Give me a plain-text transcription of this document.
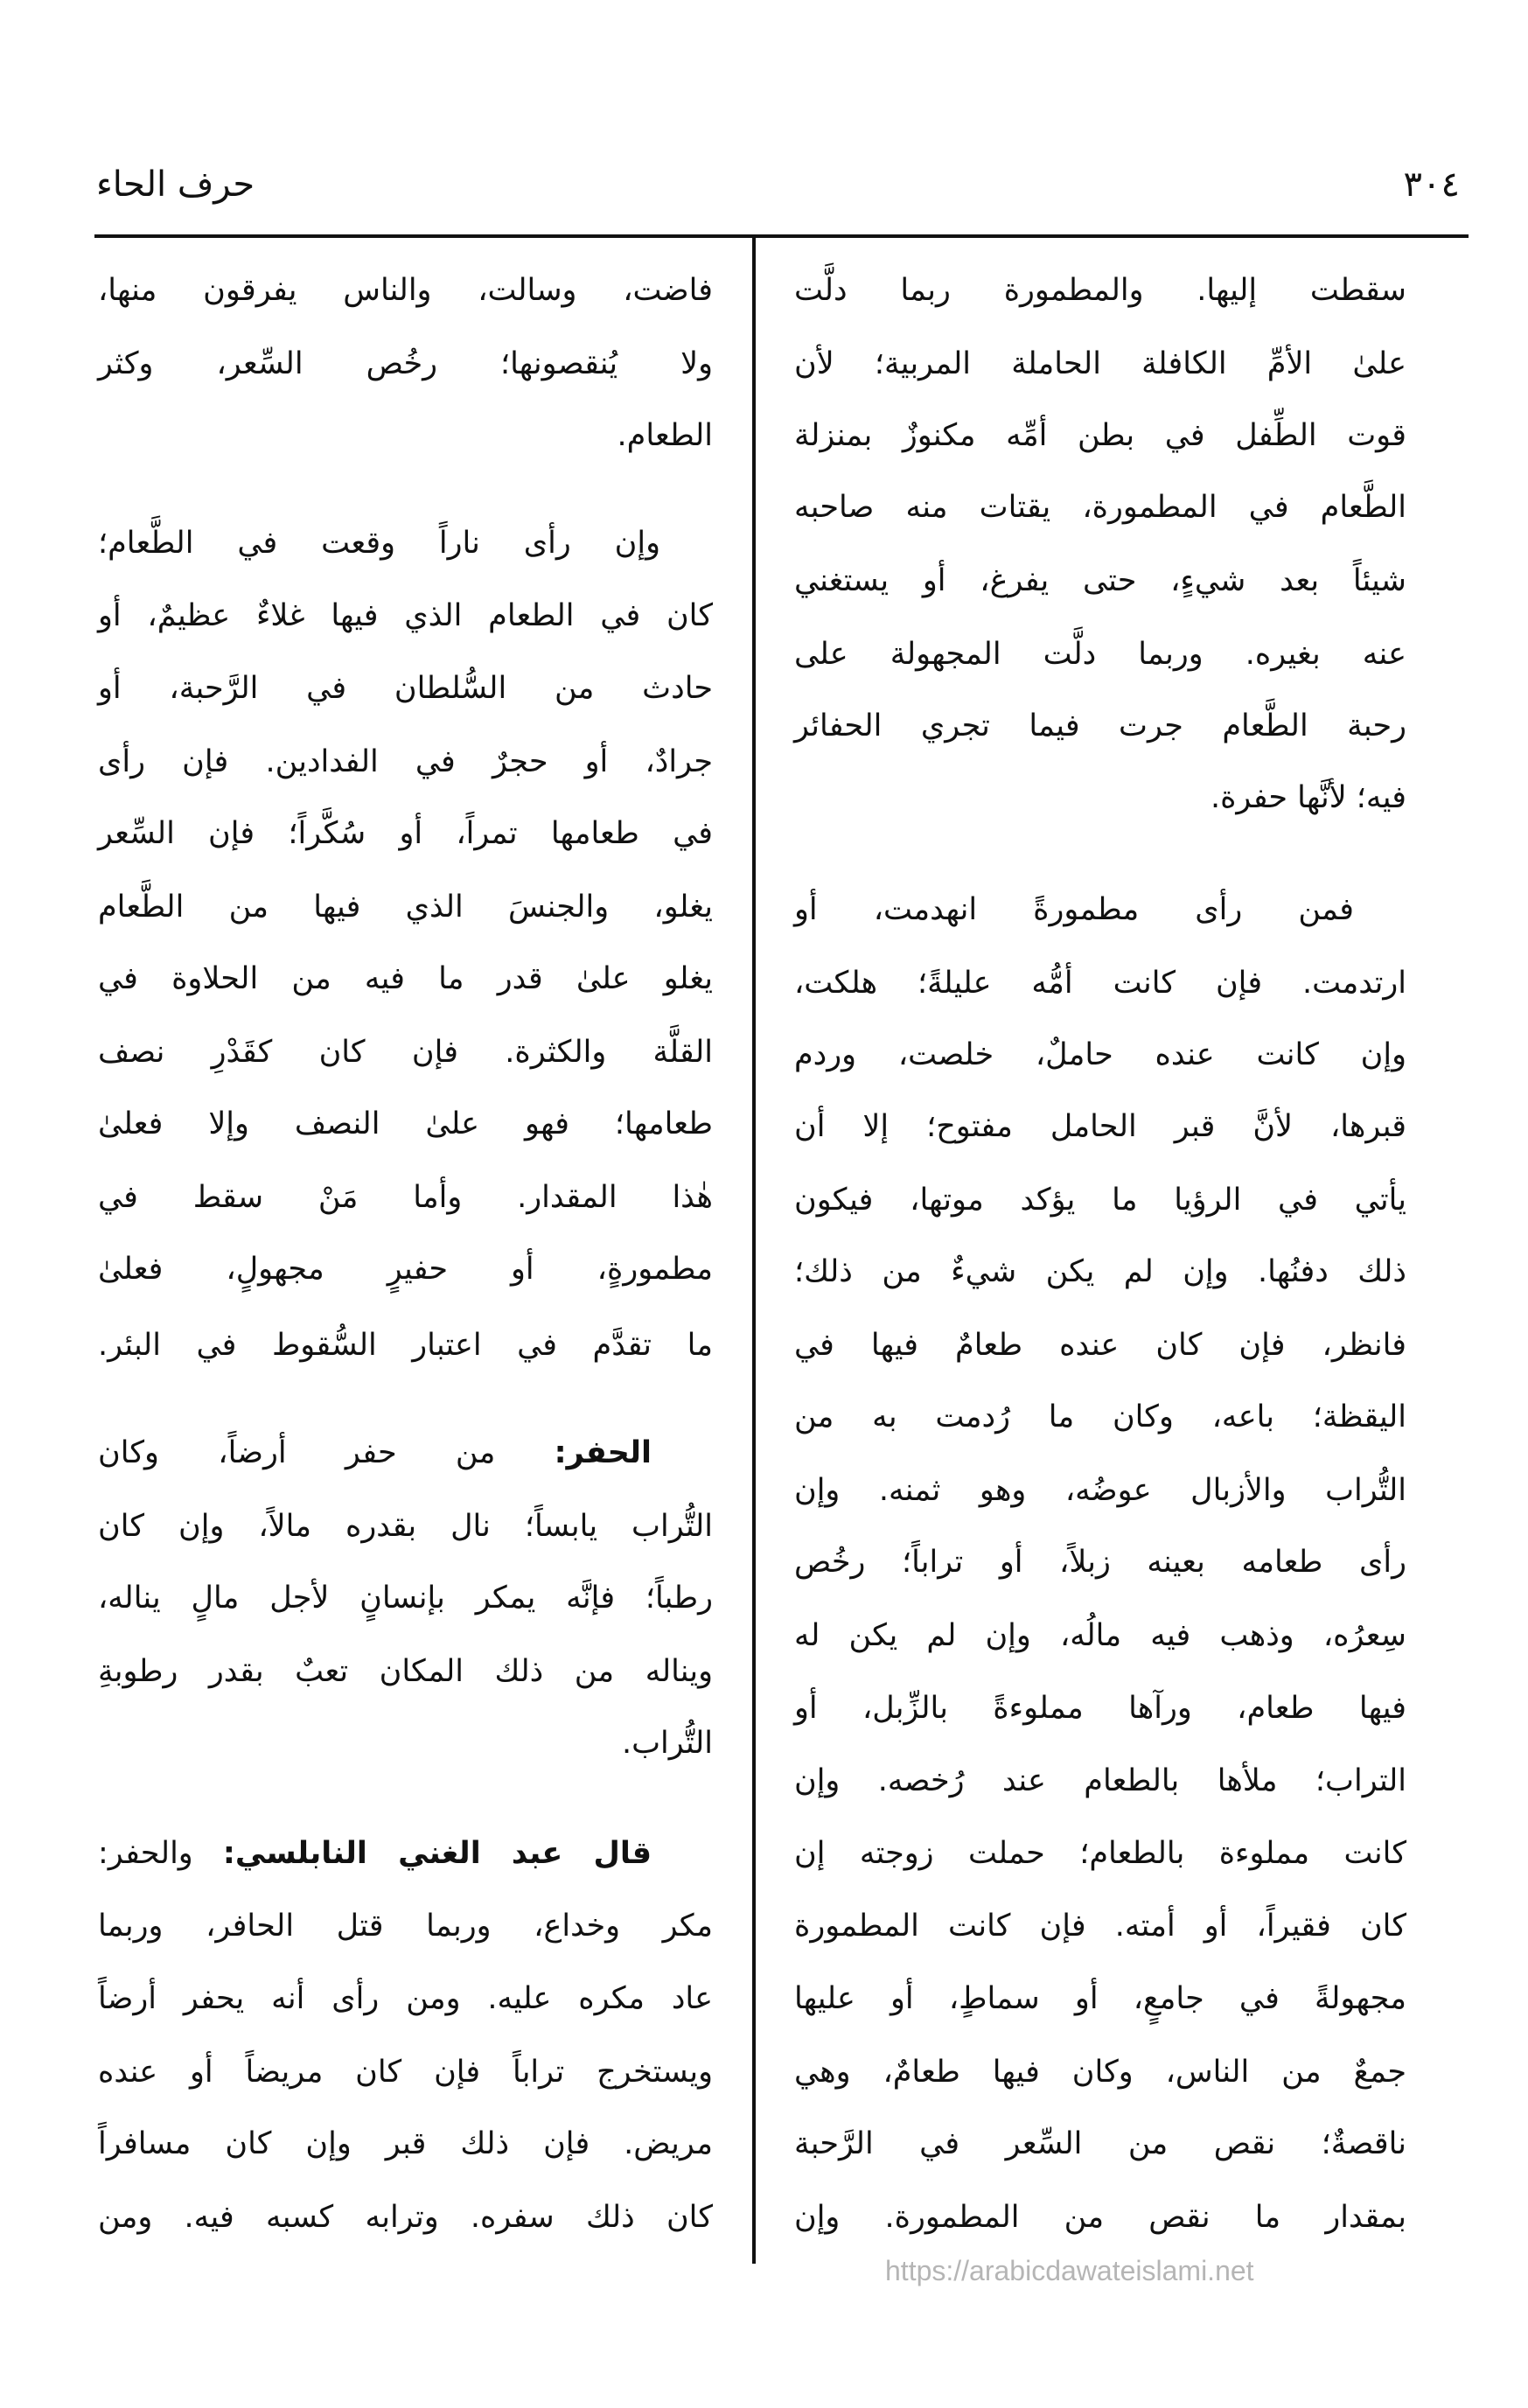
٣٠٤
حرف الحاء
سقطت إليها. والمطمورة ربما دلَّت
علىٰ الأمِّ الكافلة الحاملة المربية؛ لأن
قوت الطِّفل في بطن أمِّه مكنوزٌ بمنزلة
الطَّعام في المطمورة، يقتات منه صاحبه
شيئاً بعد شيءٍ، حتى يفرغ، أو يستغني
عنه بغيره. وربما دلَّت المجهولة على
رحبة الطَّعام جرت فيما تجري الحفائر
فيه؛ لأنَّها حفرة.
فمن رأى مطمورةً انهدمت، أو
ارتدمت. فإن كانت أمُّه عليلةً؛ هلكت،
وإن كانت عنده حاملٌ، خلصت، وردم
قبرها، لأنَّ قبر الحامل مفتوح؛ إلا أن
يأتي في الرؤيا ما يؤكد موتها، فيكون
ذلك دفنُها. وإن لم يكن شيءٌ من ذلك؛
فانظر، فإن كان عنده طعامٌ فيها في
اليقظة؛ باعه، وكان ما رُدمت به من
التُّراب والأزبال عوضُه، وهو ثمنه. وإن
رأى طعامه بعينه زبلاً، أو تراباً؛ رخُص
سِعرُه، وذهب فيه مالُه، وإن لم يكن له
فيها طعام، ورآها مملوءةً بالزِّبل، أو
التراب؛ ملأها بالطعام عند رُخصه. وإن
كانت مملوءة بالطعام؛ حملت زوجته إن
كان فقيراً، أو أمته. فإن كانت المطمورة
مجهولةً في جامعٍ، أو سماطٍ، أو عليها
جمعٌ من الناس، وكان فيها طعامٌ، وهي
ناقصةٌ؛ نقص من السِّعر في الرَّحبة
بمقدار ما نقص من المطمورة. وإن
فاضت، وسالت، والناس يفرقون منها،
ولا يُنقصونها؛ رخُص السِّعر، وكثر
الطعام.
وإن رأى ناراً وقعت في الطَّعام؛
كان في الطعام الذي فيها غلاءٌ عظيمٌ، أو
حادث من السُّلطان في الرَّحبة، أو
جرادٌ، أو حجرٌ في الفدادين. فإن رأى
في طعامها تمراً، أو سُكَّراً؛ فإن السِّعر
يغلو، والجنسَ الذي فيها من الطَّعام
يغلو علىٰ قدر ما فيه من الحلاوة في
القلَّة والكثرة. فإن كان كقَدْرِ نصف
طعامها؛ فهو علىٰ النصف وإلا فعلىٰ
هٰذا المقدار. وأما مَنْ سقط في
مطمورةٍ، أو حفيرٍ مجهولٍ، فعلىٰ
ما تقدَّم في اعتبار السُّقوط في البئر.
الحفر: من حفر أرضاً، وكان
التُّراب يابساً؛ نال بقدره مالاً، وإن كان
رطباً؛ فإنَّه يمكر بإنسانٍ لأجل مالٍ يناله،
ويناله من ذلك المكان تعبٌ بقدر رطوبةِ
التُّراب.
قال عبد الغني النابلسي: والحفر:
مكر وخداع، وربما قتل الحافر، وربما
عاد مكره عليه. ومن رأى أنه يحفر أرضاً
ويستخرج تراباً فإن كان مريضاً أو عنده
مريض. فإن ذلك قبر وإن كان مسافراً
كان ذلك سفره. وترابه كسبه فيه. ومن
https://arabicdawateislami.net
